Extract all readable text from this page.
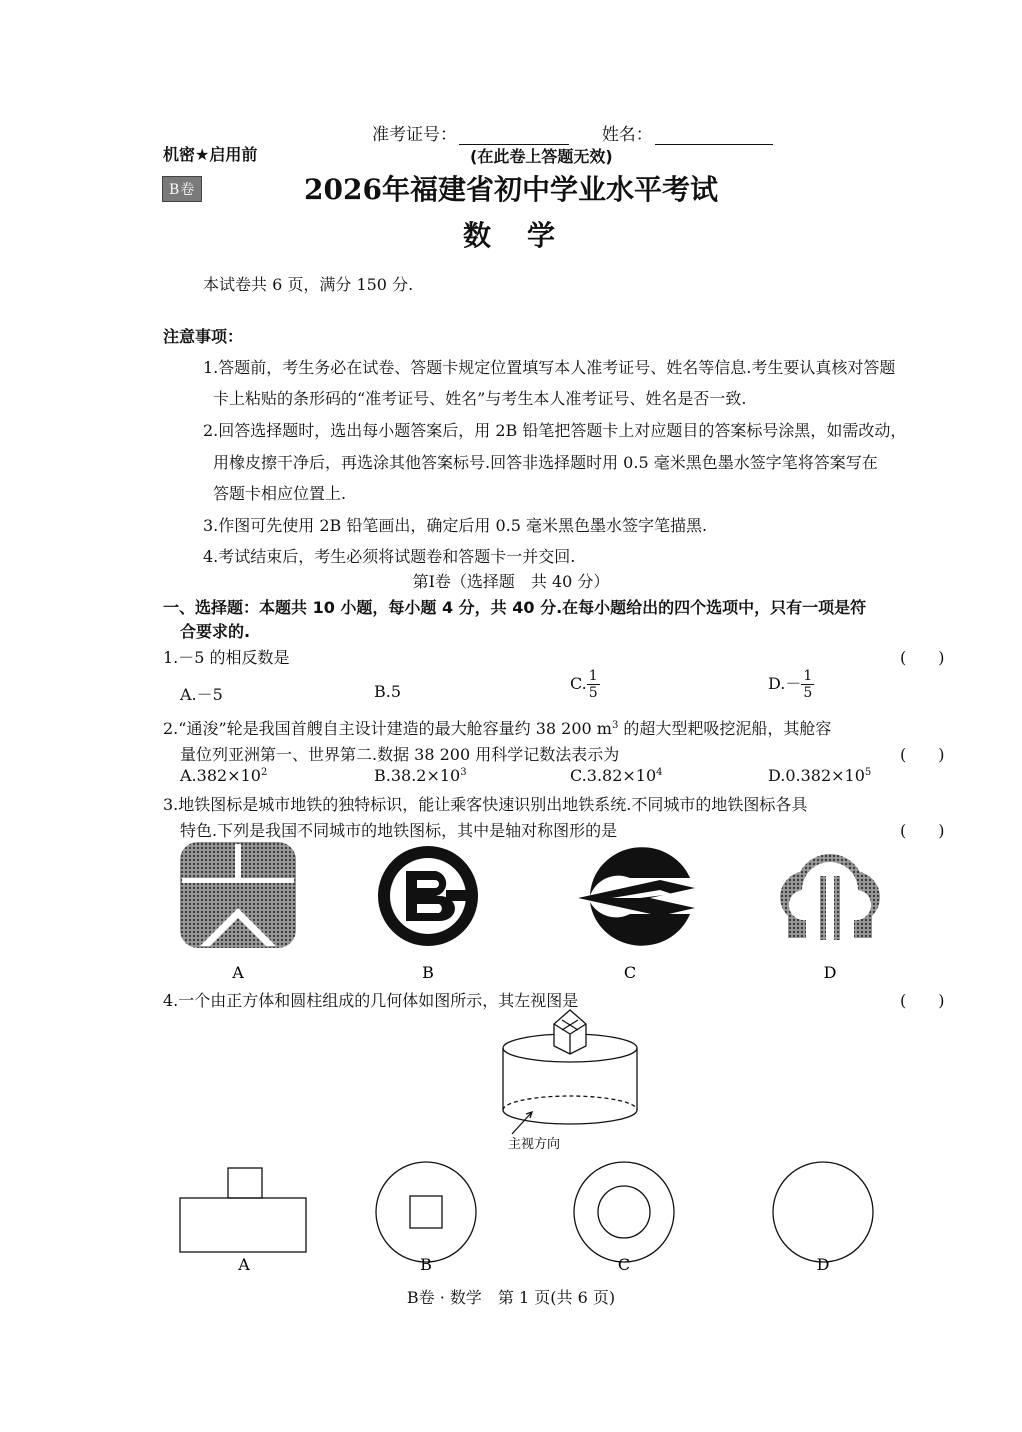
准考证号：	姓名：
机密★启用前	(在此卷上答题无效)
B卷	2026年福建省初中学业水平考试
数　学
本试卷共 6 页，满分 150 分.
注意事项：
1.答题前，考生务必在试卷、答题卡规定位置填写本人准考证号、姓名等信息.考生要认真核对答题
卡上粘贴的条形码的“准考证号、姓名”与考生本人准考证号、姓名是否一致.
2.回答选择题时，选出每小题答案后，用 2B 铅笔把答题卡上对应题目的答案标号涂黑，如需改动，
用橡皮擦干净后，再选涂其他答案标号.回答非选择题时用 0.5 毫米黑色墨水签字笔将答案写在
答题卡相应位置上.
3.作图可先使用 2B 铅笔画出，确定后用 0.5 毫米黑色墨水签字笔描黑.
4.考试结束后，考生必须将试题卷和答题卡一并交回.
第Ⅰ卷（选择题　共 40 分）
一、选择题：本题共 10 小题，每小题 4 分，共 40 分.在每小题给出的四个选项中，只有一项是符
合要求的.
1.－5 的相反数是	(　　)
A.－5	B.5	C. $\frac{1}{5}$	$D.- \frac{1}{5}$
2.“通浚”轮是我国首艘自主设计建造的最大舱容量约 38 200 $m^3$ 的超大型耙吸挖泥船，其舱容
量位列亚洲第一、世界第二.数据 38 200 用科学记数法表示为	(　　)
$A.382\times 10^2$	$B.38.2\times 10^3$	$C.3.82\times 10^4$	$D.0.382\times 10^5$
3.地铁图标是城市地铁的独特标识，能让乘客快速识别出地铁系统.不同城市的地铁图标各具
特色.下列是我国不同城市的地铁图标，其中是轴对称图形的是	(　　)
A	B	C	D
4.一个由正方体和圆柱组成的几何体如图所示，其左视图是	(　　)
主视方向
A	B	C	D
B卷 · 数学　第 1 页(共 6 页)
